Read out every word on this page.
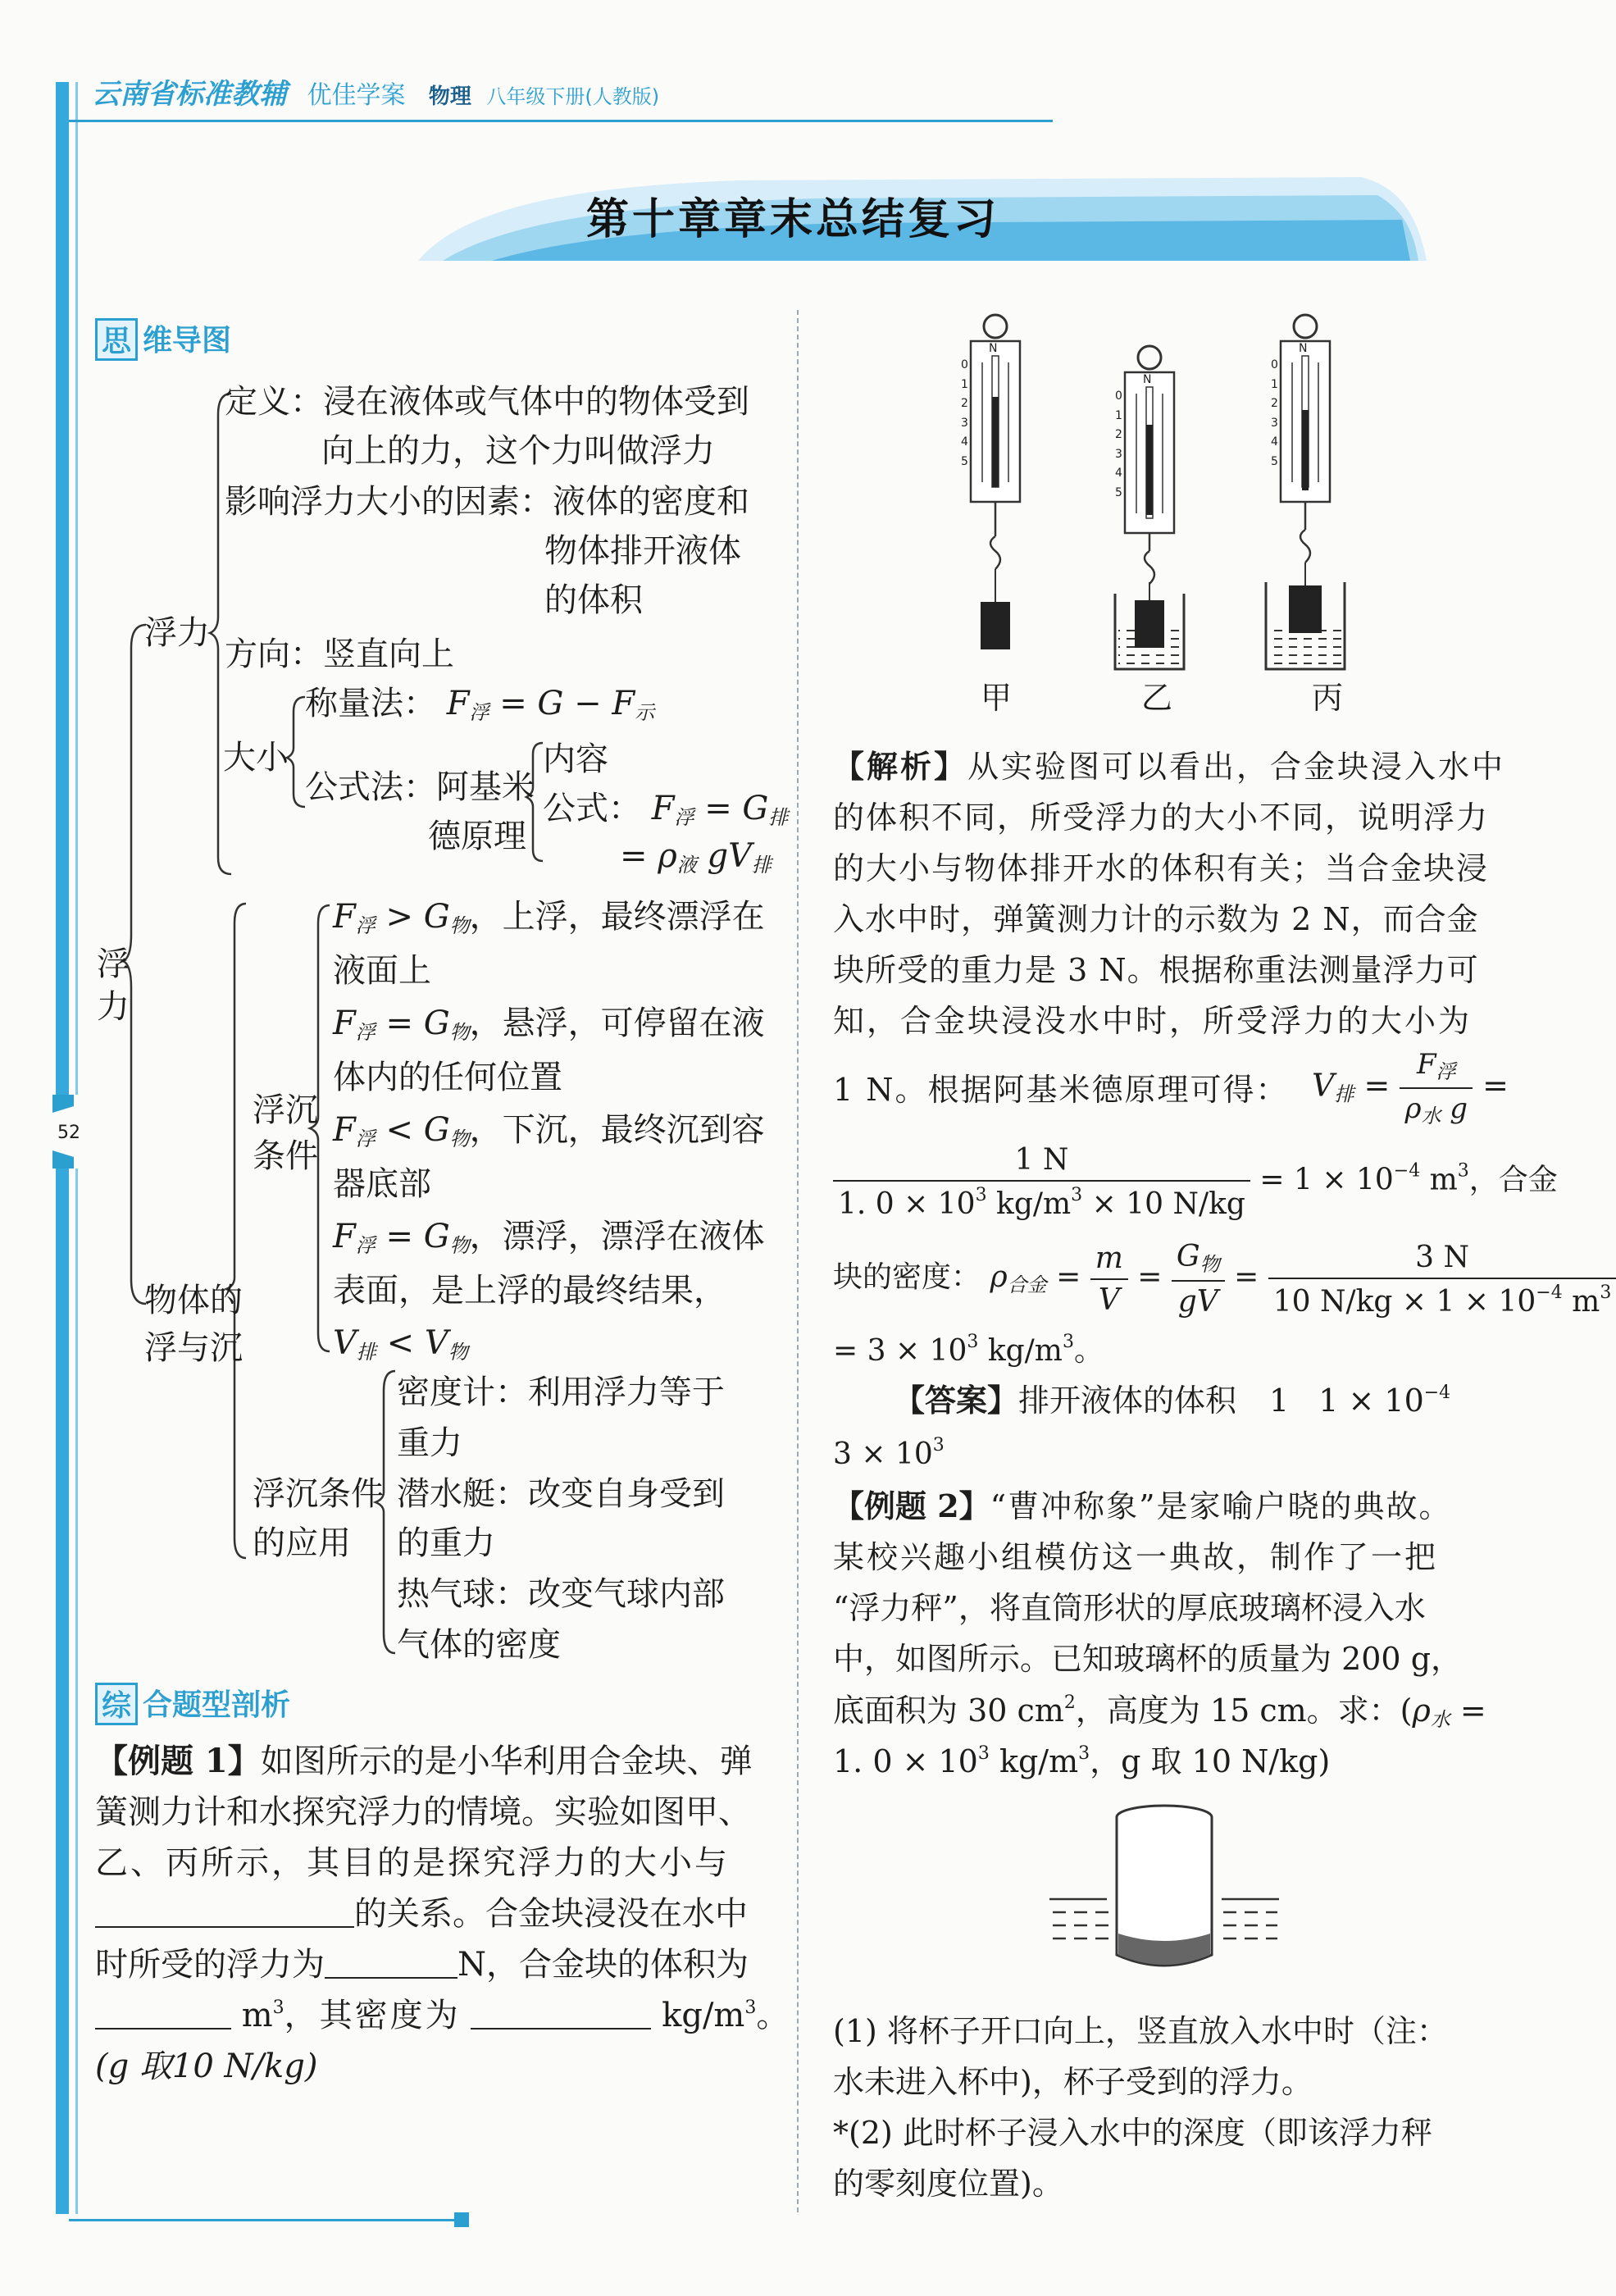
52
云南省标准教辅 优佳学案 物理 八年级下册(人教版)
第十章章末总结复习
思 维导图
浮力
浮力
定义：浸在液体或气体中的物体受到
向上的力，这个力叫做浮力
影响浮力大小的因素：液体的密度和
物体排开液体
的体积
方向：竖直向上
大小
称量法： $F_浮 = G - F_示$
公式法：阿基米
德原理
内容
公式： $F_浮 = G_排$
= $\rho_液$ $gV_排$
物体的
浮与沉
浮沉
条件
$F_浮 > G_物$，上浮，最终漂浮在
液面上
$F_浮 = G_物$，悬浮，可停留在液
体内的任何位置
$F_浮 < G_物$，下沉，最终沉到容
器底部
$F_浮 = G_物$，漂浮，漂浮在液体
表面，是上浮的最终结果，
$V_排 < V_物$
浮沉条件
的应用
密度计：利用浮力等于
重力
潜水艇：改变自身受到
的重力
热气球：改变气球内部
气体的密度
综 合题型剖析
【例题 1】如图所示的是小华利用合金块、弹
簧测力计和水探究浮力的情境。实验如图甲、
乙、丙所示，其目的是探究浮力的大小与
的关系。合金块浸没在水中
时所受的浮力为	N，合金块的体积为
$m^3$，其密度为	$kg/m^3$。
(g 取10 N/kg)
N
0
1
2
3
4
5
N
0
1
2
3
4
5
N
0
1
2
3
4
5
甲	乙	丙
【解析】从实验图可以看出，合金块浸入水中
的体积不同，所受浮力的大小不同，说明浮力
的大小与物体排开水的体积有关；当合金块浸
入水中时，弹簧测力计的示数为 2 N，而合金
块所受的重力是 3 N。根据称重法测量浮力可
知，合金块浸没水中时，所受浮力的大小为
1 N。根据阿基米德原理可得： $V_排 = \frac{F_浮}{\rho_水 g}$ =
$\frac{1 N}{1. 0 \times 10^3 kg/m^3 \times 10 N/kg} = 1 \times 10^{-4}$ $m^3$，合金
块的密度： $\rho_{合金} = \frac{m}{V} = \frac{G_物}{gV} = \frac{3 N}{10 N/kg \times 1 \times 10^{-4} m^3}$
= $3 \times 10^3$ $kg/m^3$。
【答案】排开液体的体积 1 $1 \times 10^{-4}$
$3 \times 10^3$
【例题 2】“曹冲称象”是家喻户晓的典故。
某校兴趣小组模仿这一典故，制作了一把
“浮力秤”，将直筒形状的厚底玻璃杯浸入水
中，如图所示。已知玻璃杯的质量为 200 g，
底面积为 30 $cm^2$，高度为 15 cm。求：($\rho_水$ =
1. $0 \times 10^3$ $kg/m^3$，g 取 10 N/kg)
(1) 将杯子开口向上，竖直放入水中时（注：
水未进入杯中)，杯子受到的浮力。
*(2) 此时杯子浸入水中的深度（即该浮力秤
的零刻度位置)。
